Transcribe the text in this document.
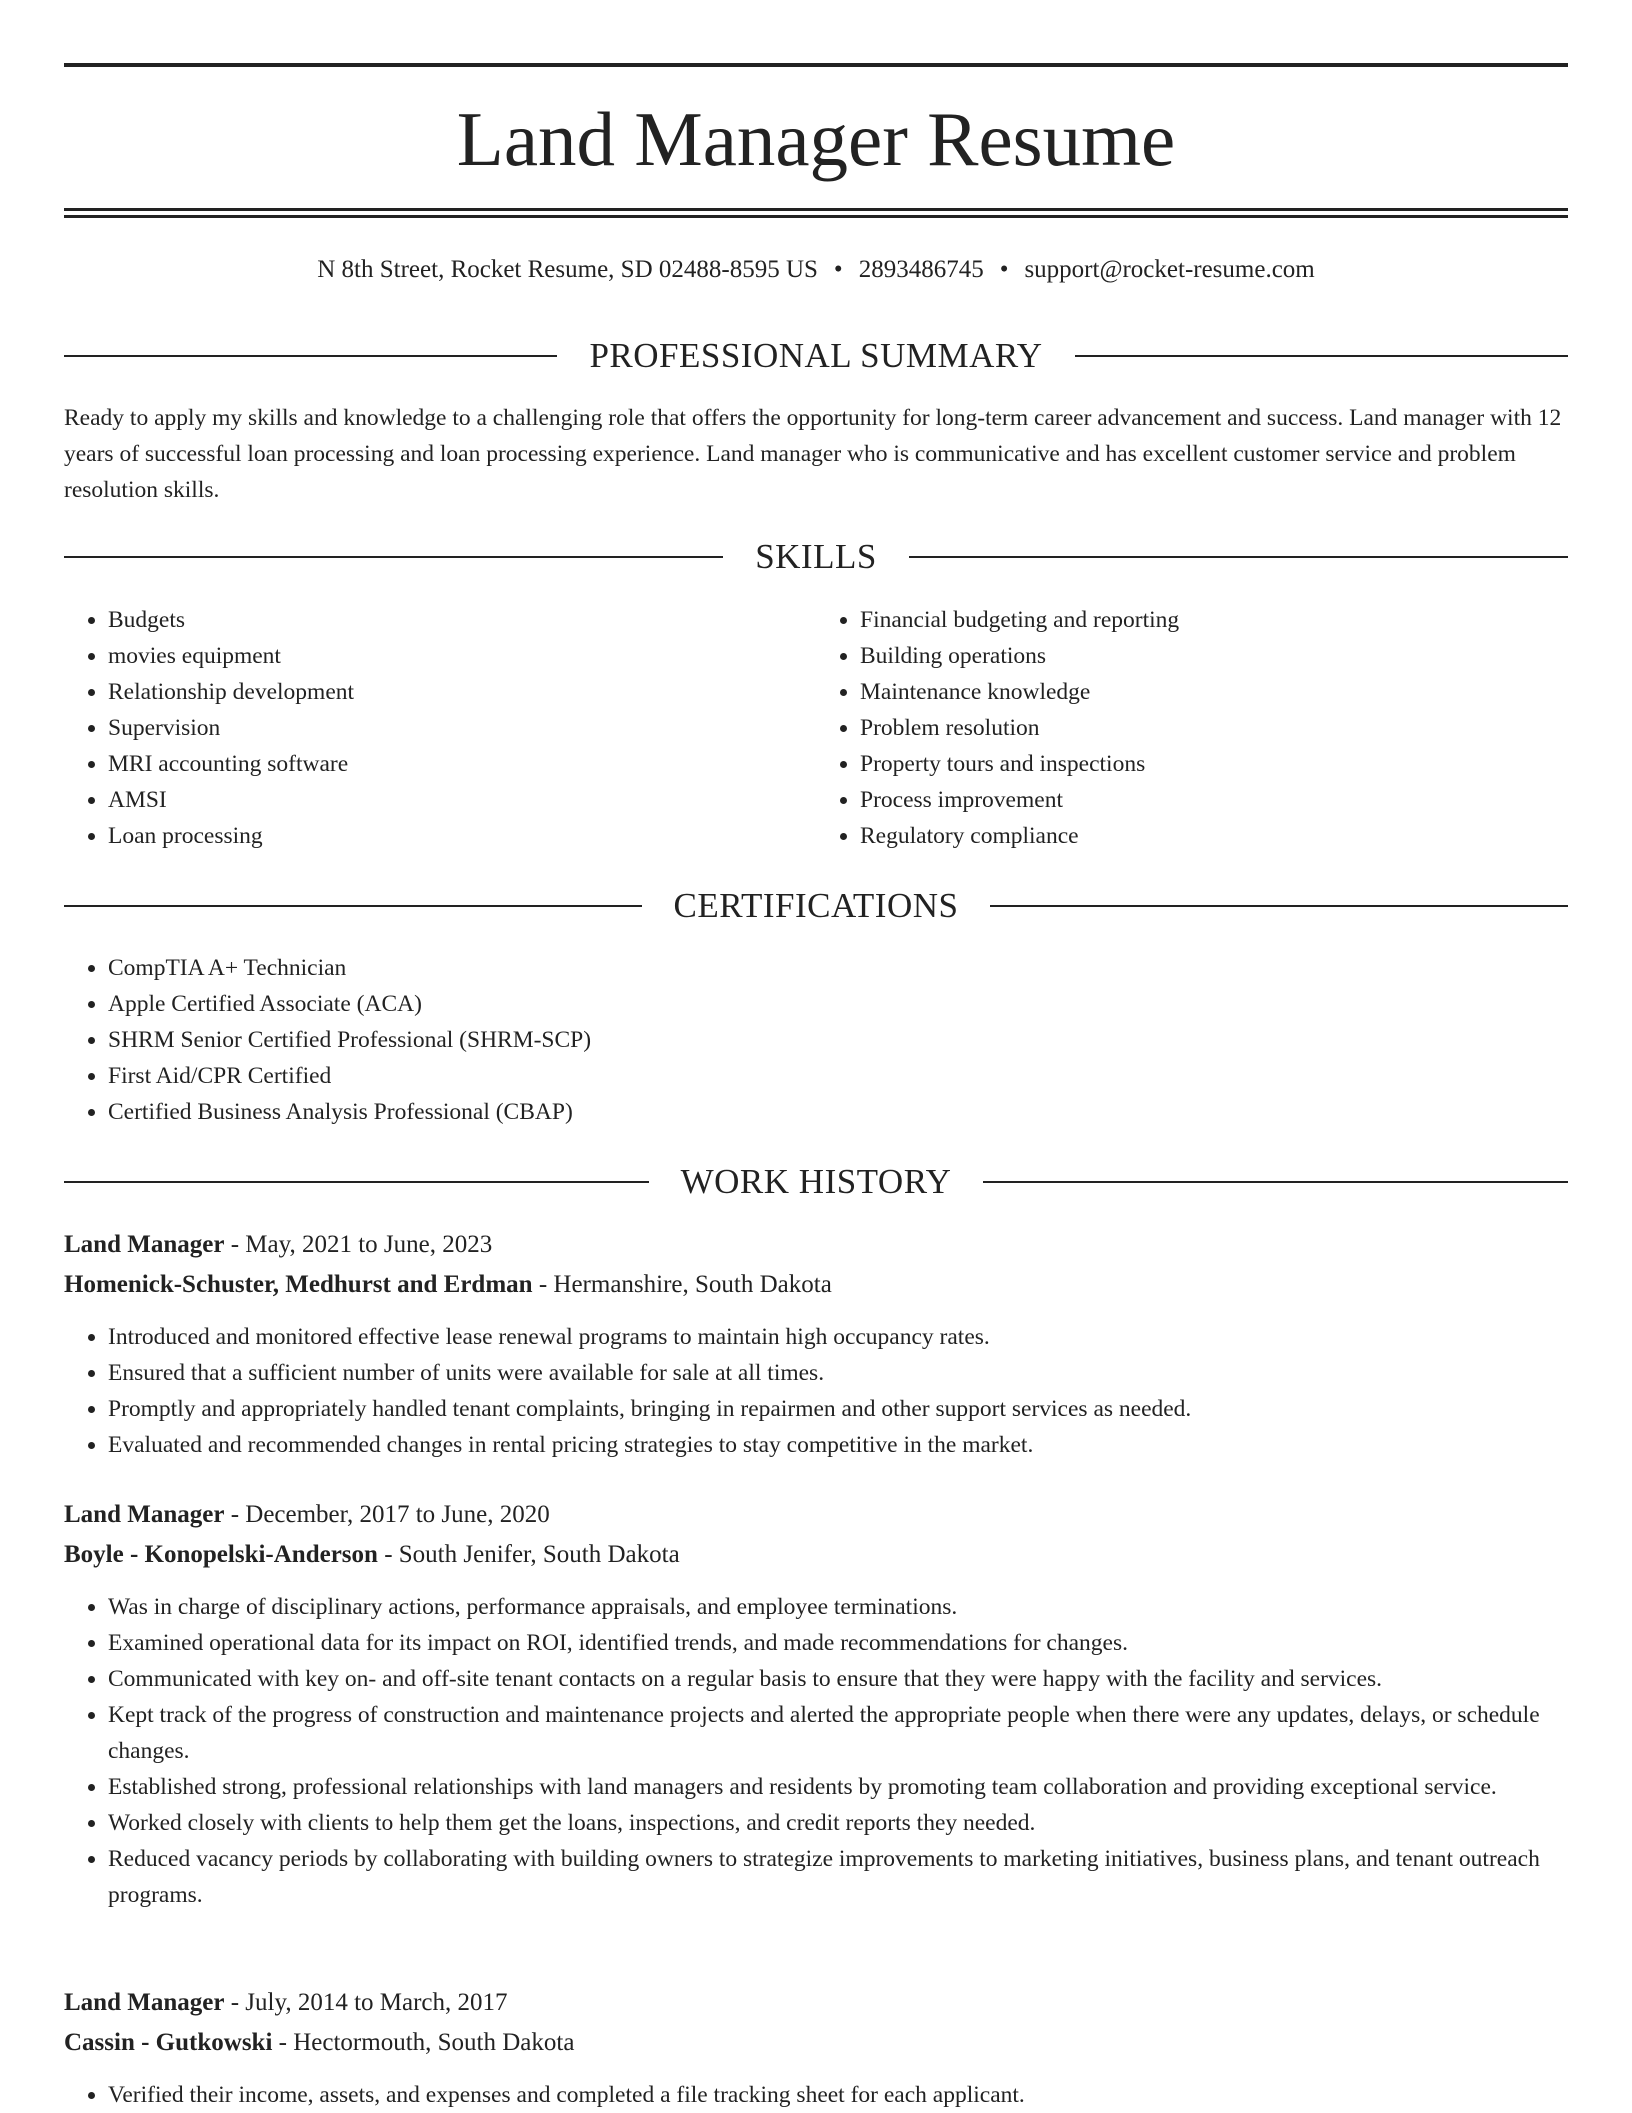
Land Manager Resume
N 8th Street, Rocket Resume, SD 02488-8595 US • 2893486745 • support@rocket-resume.com
PROFESSIONAL SUMMARY

Ready to apply my skills and knowledge to a challenging role that offers the opportunity for long-term career advancement and success. Land manager with 12 years of successful loan processing and loan processing experience. Land manager who is communicative and has excellent customer service and problem resolution skills.

SKILLS
• Budgets
• movies equipment
• Relationship development
• Supervision
• MRI accounting software
• AMSI
• Loan processing
• Financial budgeting and reporting
• Building operations
• Maintenance knowledge
• Problem resolution
• Property tours and inspections
• Process improvement
• Regulatory compliance
CERTIFICATIONS
• CompTIA A+ Technician
• Apple Certified Associate (ACA)
• SHRM Senior Certified Professional (SHRM-SCP)
• First Aid/CPR Certified
• Certified Business Analysis Professional (CBAP)
WORK HISTORY
Land Manager - May, 2021 to June, 2023
Homenick-Schuster, Medhurst and Erdman - Hermanshire, South Dakota
• Introduced and monitored effective lease renewal programs to maintain high occupancy rates.
• Ensured that a sufficient number of units were available for sale at all times.
• Promptly and appropriately handled tenant complaints, bringing in repairmen and other support services as needed.
• Evaluated and recommended changes in rental pricing strategies to stay competitive in the market.
Land Manager - December, 2017 to June, 2020
Boyle - Konopelski-Anderson - South Jenifer, South Dakota
• Was in charge of disciplinary actions, performance appraisals, and employee terminations.
• Examined operational data for its impact on ROI, identified trends, and made recommendations for changes.
• Communicated with key on- and off-site tenant contacts on a regular basis to ensure that they were happy with the facility and services.
• Kept track of the progress of construction and maintenance projects and alerted the appropriate people when there were any updates, delays, or schedule changes.
• Established strong, professional relationships with land managers and residents by promoting team collaboration and providing exceptional service.
• Worked closely with clients to help them get the loans, inspections, and credit reports they needed.
• Reduced vacancy periods by collaborating with building owners to strategize improvements to marketing initiatives, business plans, and tenant outreach programs.
Land Manager - July, 2014 to March, 2017
Cassin - Gutkowski - Hectormouth, South Dakota
• Verified their income, assets, and expenses and completed a file tracking sheet for each applicant.
